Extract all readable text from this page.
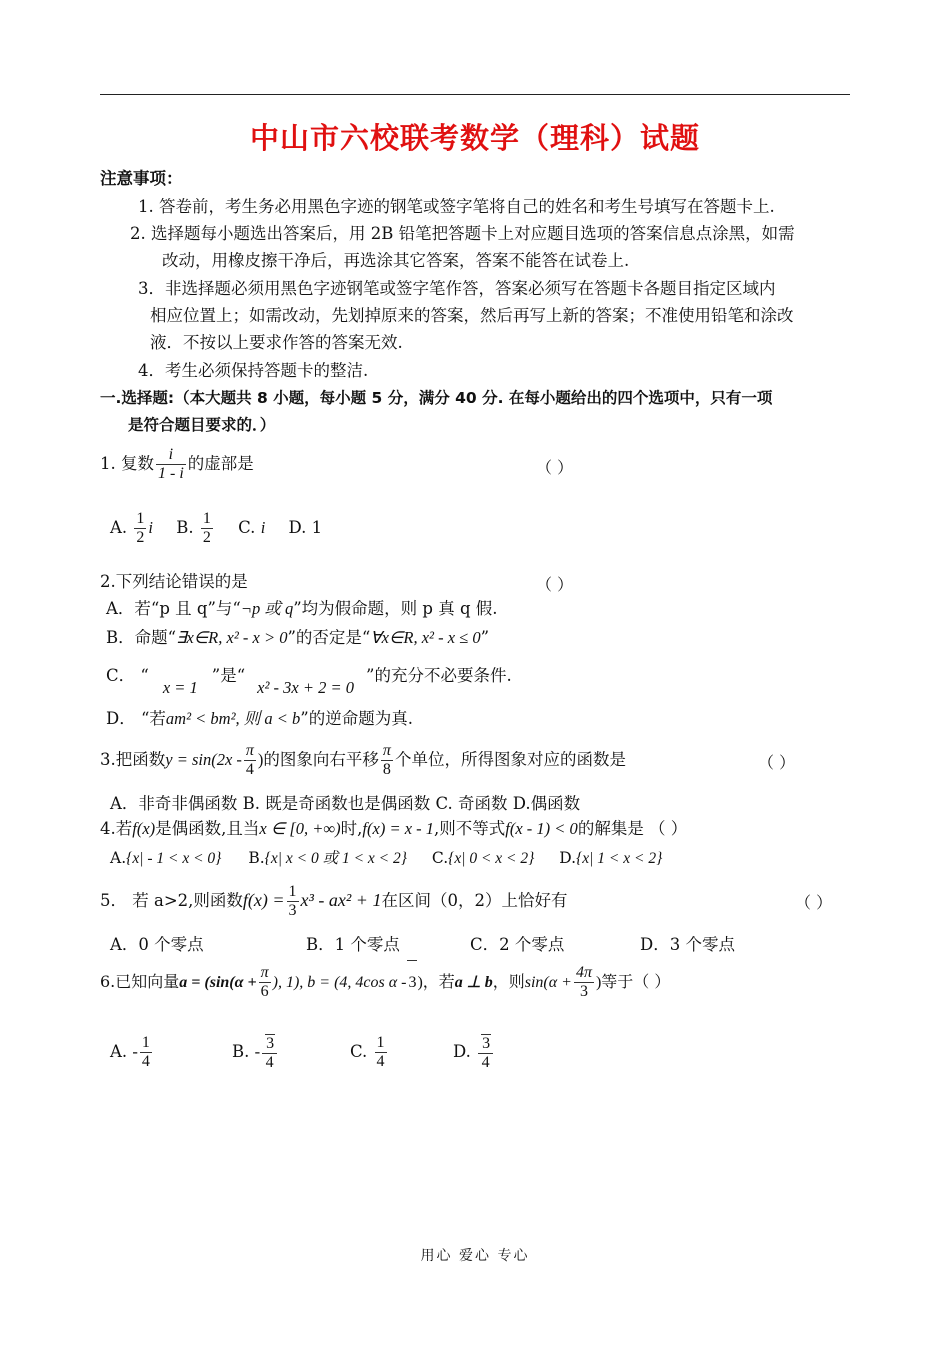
中山市六校联考数学（理科）试题
注意事项：
1. 答卷前，考生务必用黑色字迹的钢笔或签字笔将自己的姓名和考生号填写在答题卡上.
2. 选择题每小题选出答案后，用 2B 铅笔把答题卡上对应题目选项的答案信息点涂黑，如需
改动，用橡皮擦干净后，再选涂其它答案，答案不能答在试卷上.
3．非选择题必须用黑色字迹钢笔或签字笔作答，答案必须写在答题卡各题目指定区域内
相应位置上；如需改动，先划掉原来的答案，然后再写上新的答案；不准使用铅笔和涂改
液．不按以上要求作答的答案无效.
4．考生必须保持答题卡的整洁.
一.选择题:（本大题共 8 小题，每小题 5 分，满分 40 分. 在每小题给出的四个选项中，只有一项
是符合题目要求的．）
1. 复数 $\frac{i}{1 - i}$ 的虚部是	（ ）
A. $\frac{1}{2}$ i B. $\frac{1}{2} C$. i D. 1
2.下列结论错误的是	（ ）
A．若“p 且 q”与“¬p 或 q”均为假命题，则 p 真 q 假.
B．命题“∃x∈R, x² - x > 0”的否定是“∀x∈R, x² - x ≤ 0”
C． “x = 1”是“x² - 3x + 2 = 0”的充分不必要条件.
D． “若am² < bm², 则 a < b”的逆命题为真.
3.把函数$y = \sin(2x - \frac{\pi}{4}$ )的图象向右平移 $\frac{\pi}{8}$ 个单位，所得图象对应的函数是	（ ）
A．非奇非偶函数 B. 既是奇函数也是偶函数 C. 奇函数 D.偶函数
4.若f(x)是偶函数,且当x ∈ [0, +∞)时,f(x) = x - 1,则不等式f(x - 1) < 0的解集是 （ ）
A.{x| - 1 < x < 0} B.{x| x < 0 或 1 < x < 2} C.{x| 0 < x < 2} D.{x| 1 < x < 2}
5． 若 a>2,则函数$f(x) = \frac{1}{3} x^3 - ax^2 + 1$在区间（0，2）上恰好有	（ ）
A．0 个零点	B．1 个零点	C．2 个零点	D．3 个零点
6.已知向量$a = (\sin(\alpha + \frac{\pi}{6}$ ), 1), b = (4, 4cos α - 3)，若a ⊥ b，则$\sin(\alpha + \frac{4\pi}{3}$ )等于（ ）
A. - $\frac{1}{4}$	B. - $\frac{3}{4}$	C. $\frac{1}{4}$	D. $\frac{3}{4}$
用心 爱心 专心
